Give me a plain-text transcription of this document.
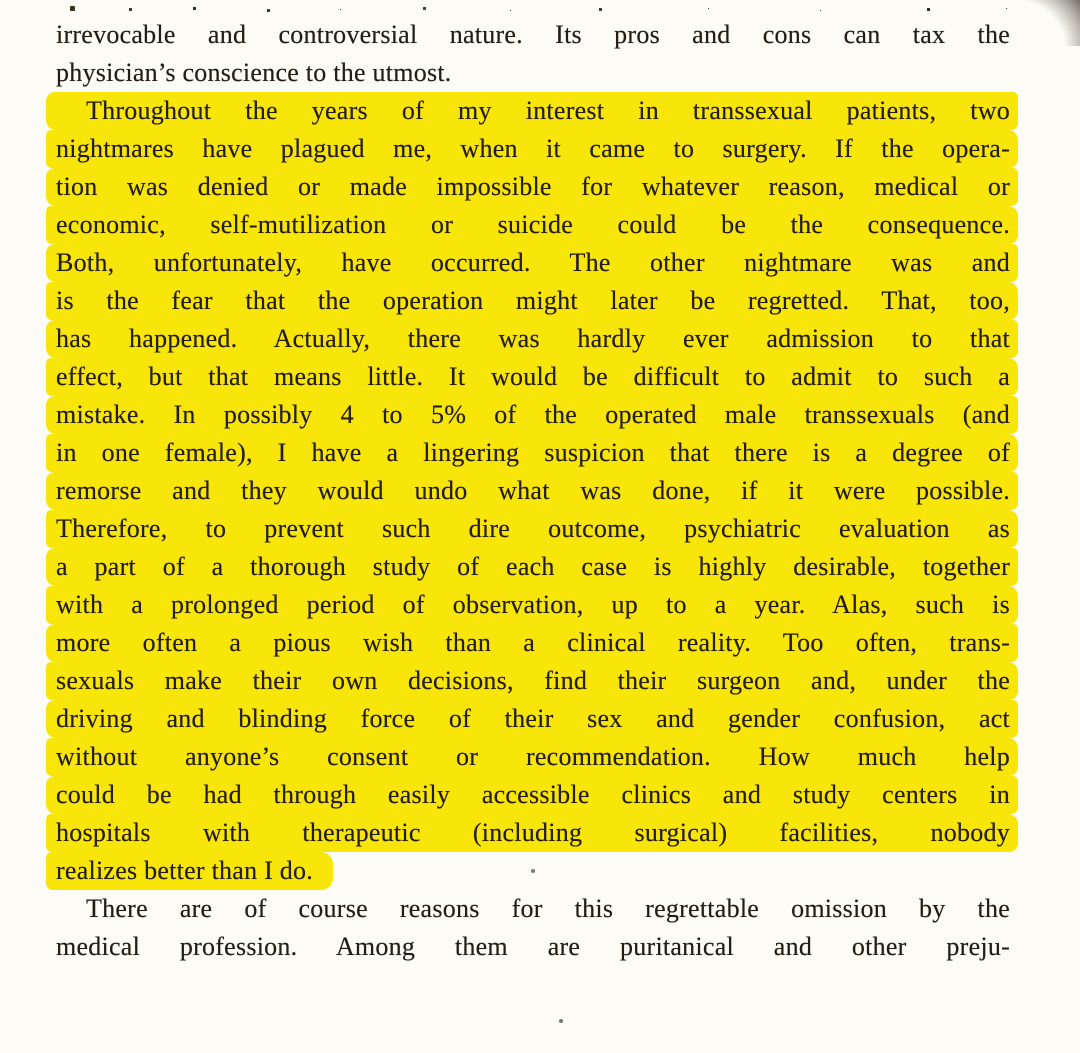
irrevocable and controversial nature. Its pros and cons can tax the
physician’s conscience to the utmost.

Throughout the years of my interest in transsexual patients, two
nightmares have plagued me, when it came to surgery. If the opera-
tion was denied or made impossible for whatever reason, medical or
economic, self-mutilization or suicide could be the consequence.
Both, unfortunately, have occurred. The other nightmare was and
is the fear that the operation might later be regretted. That, too,
has happened. Actually, there was hardly ever admission to that
effect, but that means little. It would be difficult to admit to such a
mistake. In possibly 4 to 5% of the operated male transsexuals (and
in one female), I have a lingering suspicion that there is a degree of
remorse and they would undo what was done, if it were possible.
Therefore, to prevent such dire outcome, psychiatric evaluation as
a part of a thorough study of each case is highly desirable, together
with a prolonged period of observation, up to a year. Alas, such is
more often a pious wish than a clinical reality. Too often, trans-
sexuals make their own decisions, find their surgeon and, under the
driving and blinding force of their sex and gender confusion, act
without anyone’s consent or recommendation. How much help
could be had through easily accessible clinics and study centers in
hospitals with therapeutic (including surgical) facilities, nobody
realizes better than I do.

There are of course reasons for this regrettable omission by the
medical profession. Among them are puritanical and other preju-
